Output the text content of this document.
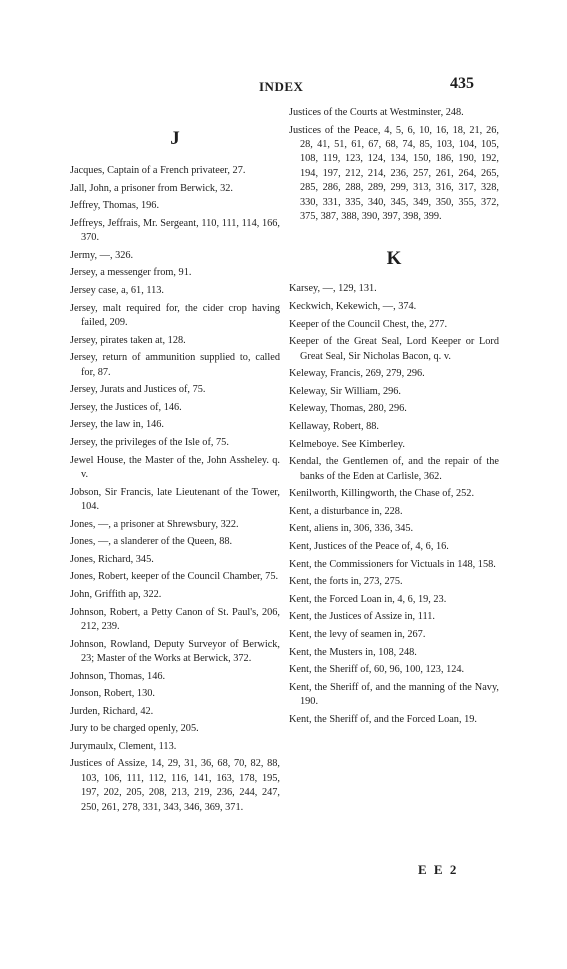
INDEX	435
J
Jacques, Captain of a French privateer, 27.
Jall, John, a prisoner from Berwick, 32.
Jeffrey, Thomas, 196.
Jeffreys, Jeffrais, Mr. Sergeant, 110, 111, 114, 166, 370.
Jermy, —, 326.
Jersey, a messenger from, 91.
Jersey case, a, 61, 113.
Jersey, malt required for, the cider crop having failed, 209.
Jersey, pirates taken at, 128.
Jersey, return of ammunition supplied to, called for, 87.
Jersey, Jurats and Justices of, 75.
Jersey, the Justices of, 146.
Jersey, the law in, 146.
Jersey, the privileges of the Isle of, 75.
Jewel House, the Master of the, John Assheley. q. v.
Jobson, Sir Francis, late Lieutenant of the Tower, 104.
Jones, —, a prisoner at Shrewsbury, 322.
Jones, —, a slanderer of the Queen, 88.
Jones, Richard, 345.
Jones, Robert, keeper of the Council Chamber, 75.
John, Griffith ap, 322.
Johnson, Robert, a Petty Canon of St. Paul's, 206, 212, 239.
Johnson, Rowland, Deputy Surveyor of Berwick, 23; Master of the Works at Berwick, 372.
Johnson, Thomas, 146.
Jonson, Robert, 130.
Jurden, Richard, 42.
Jury to be charged openly, 205.
Jurymaulx, Clement, 113.
Justices of Assize, 14, 29, 31, 36, 68, 70, 82, 88, 103, 106, 111, 112, 116, 141, 163, 178, 195, 197, 202, 205, 208, 213, 219, 236, 244, 247, 250, 261, 278, 331, 343, 346, 369, 371.
Justices of the Courts at Westminster, 248.
Justices of the Peace, 4, 5, 6, 10, 16, 18, 21, 26, 28, 41, 51, 61, 67, 68, 74, 85, 103, 104, 105, 108, 119, 123, 124, 134, 150, 186, 190, 192, 194, 197, 212, 214, 236, 257, 261, 264, 265, 285, 286, 288, 289, 299, 313, 316, 317, 328, 330, 331, 335, 340, 345, 349, 350, 355, 372, 375, 387, 388, 390, 397, 398, 399.
K
Karsey, —, 129, 131.
Keckwich, Kekewich, —, 374.
Keeper of the Council Chest, the, 277.
Keeper of the Great Seal, Lord Keeper or Lord Great Seal, Sir Nicholas Bacon, q. v.
Keleway, Francis, 269, 279, 296.
Keleway, Sir William, 296.
Keleway, Thomas, 280, 296.
Kellaway, Robert, 88.
Kelmeboye. See Kimberley.
Kendal, the Gentlemen of, and the repair of the banks of the Eden at Carlisle, 362.
Kenilworth, Killingworth, the Chase of, 252.
Kent, a disturbance in, 228.
Kent, aliens in, 306, 336, 345.
Kent, Justices of the Peace of, 4, 6, 16.
Kent, the Commissioners for Victuals in 148, 158.
Kent, the forts in, 273, 275.
Kent, the Forced Loan in, 4, 6, 19, 23.
Kent, the Justices of Assize in, 111.
Kent, the levy of seamen in, 267.
Kent, the Musters in, 108, 248.
Kent, the Sheriff of, 60, 96, 100, 123, 124.
Kent, the Sheriff of, and the manning of the Navy, 190.
Kent, the Sheriff of, and the Forced Loan, 19.
E E 2
